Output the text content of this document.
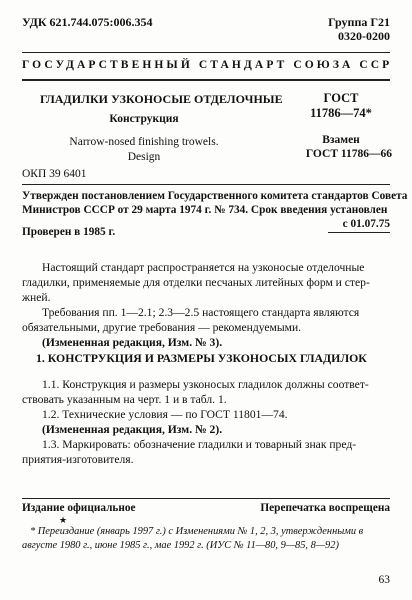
УДК 621.744.075:006.354	Группа Г21
0320-0200
ГОСУДАРСТВЕННЫЙ СТАНДАРТ СОЮЗА ССР
ГЛАДИЛКИ УЗКОНОСЫЕ ОТДЕЛОЧНЫЕ
Конструкция
Narrow-nosed finishing trowels.
Design
ОКП 39 6401
ГОСТ
11786—74*
Взамен
ГОСТ 11786—66
Утвержден постановлением Государственного комитета стандартов Совета
Министров СССР от 29 марта 1974 г. № 734. Срок введения установлен
с 01.07.75
Проверен в 1985 г.
Настоящий стандарт распространяется на узконосые отделочные
гладилки, применяемые для отделки песчаных литейных форм и стер-
жней.
Требования пп. 1—2.1; 2.3—2.5 настоящего стандарта являются
обязательными, другие требования — рекомендуемыми.
(Измененная редакция, Изм. № 3).
1. КОНСТРУКЦИЯ И РАЗМЕРЫ УЗКОНОСЫХ ГЛАДИЛОК
1.1. Конструкция и размеры узконосых гладилок должны соответ-
ствовать указанным на черт. 1 и в табл. 1.
1.2. Технические условия — по ГОСТ 11801—74.
(Измененная редакция, Изм. № 2).
1.3. Маркировать: обозначение гладилки и товарный знак пред-
приятия-изготовителя.
Издание официальное	Перепечатка воспрещена
★
* Переиздание (январь 1997 г.) с Изменениями № 1, 2, 3, утвержденными в
августе 1980 г., июне 1985 г., мае 1992 г. (ИУС № 11—80, 9—85, 8—92)
63
